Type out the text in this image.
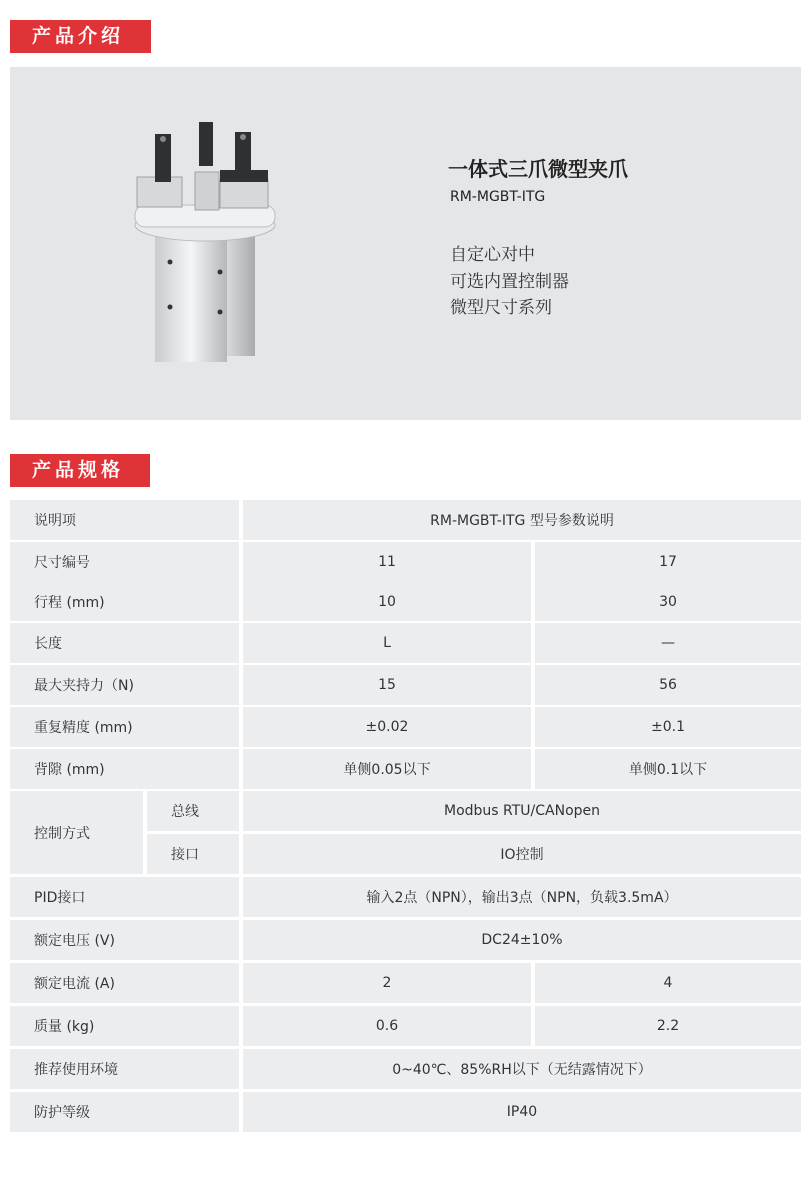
产品介绍
一体式三爪微型夹爪
RM-MGBT-ITG
自定心对中
可选内置控制器
微型尺寸系列
产品规格
说明项	RM-MGBT-ITG 型号参数说明
尺寸编号	11	17
行程 (mm)	10	30
长度	L	—
最大夹持力（N)	15	56
重复精度 (mm)	±0.02	±0.1
背隙 (mm)	单侧0.05以下	单侧0.1以下
控制方式
总线	Modbus RTU/CANopen
接口	IO控制
PID接口	输入2点（NPN），输出3点（NPN，负载3.5mA）
额定电压 (V)	DC24±10%
额定电流 (A)	2	4
质量 (kg)	0.6	2.2
推荐使用环境	0~40℃、85%RH以下（无结露情况下）
防护等级	IP40
